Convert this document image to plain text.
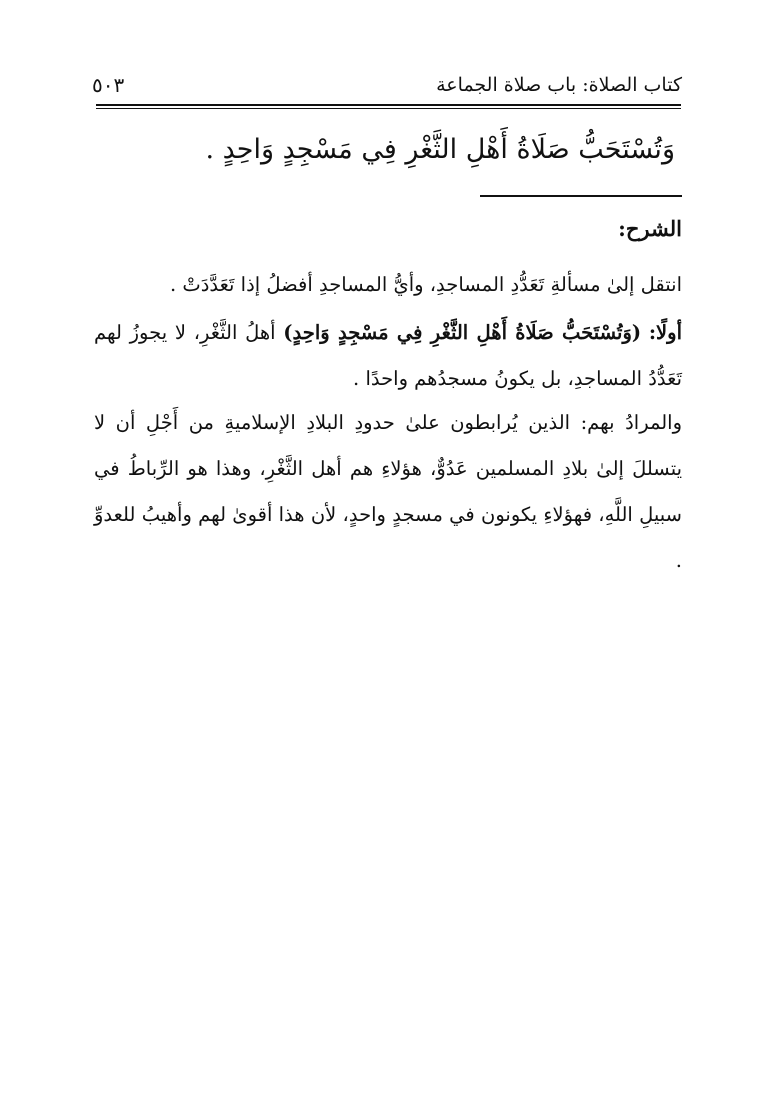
كتاب الصلاة: باب صلاة الجماعة
٥٠٣
وَتُسْتَحَبُّ صَلَاةُ أَهْلِ الثَّغْرِ فِي مَسْجِدٍ وَاحِدٍ .
الشرح:

انتقل إلىٰ مسألةِ تَعَدُّدِ المساجدِ، وأيُّ المساجدِ أفضلُ إذا تَعَدَّدَتْ .

أولًا: (وَتُسْتَحَبُّ صَلَاةُ أَهْلِ الثَّغْرِ فِي مَسْجِدٍ وَاحِدٍ) أهلُ الثَّغْرِ، لا يجوزُ لهم تَعَدُّدُ المساجدِ، بل يكونُ مسجدُهم واحدًا .

والمرادُ بهم: الذين يُرابطون علىٰ حدودِ البلادِ الإسلاميةِ من أَجْلِ أن لا يتسللَ إلىٰ بلادِ المسلمين عَدُوٌّ، هؤلاءِ هم أهل الثَّغْرِ، وهذا هو الرِّباطُ في سبيلِ اللَّهِ، فهؤلاءِ يكونون في مسجدٍ واحدٍ، لأن هذا أقوىٰ لهم وأهيبُ للعدوِّ .
